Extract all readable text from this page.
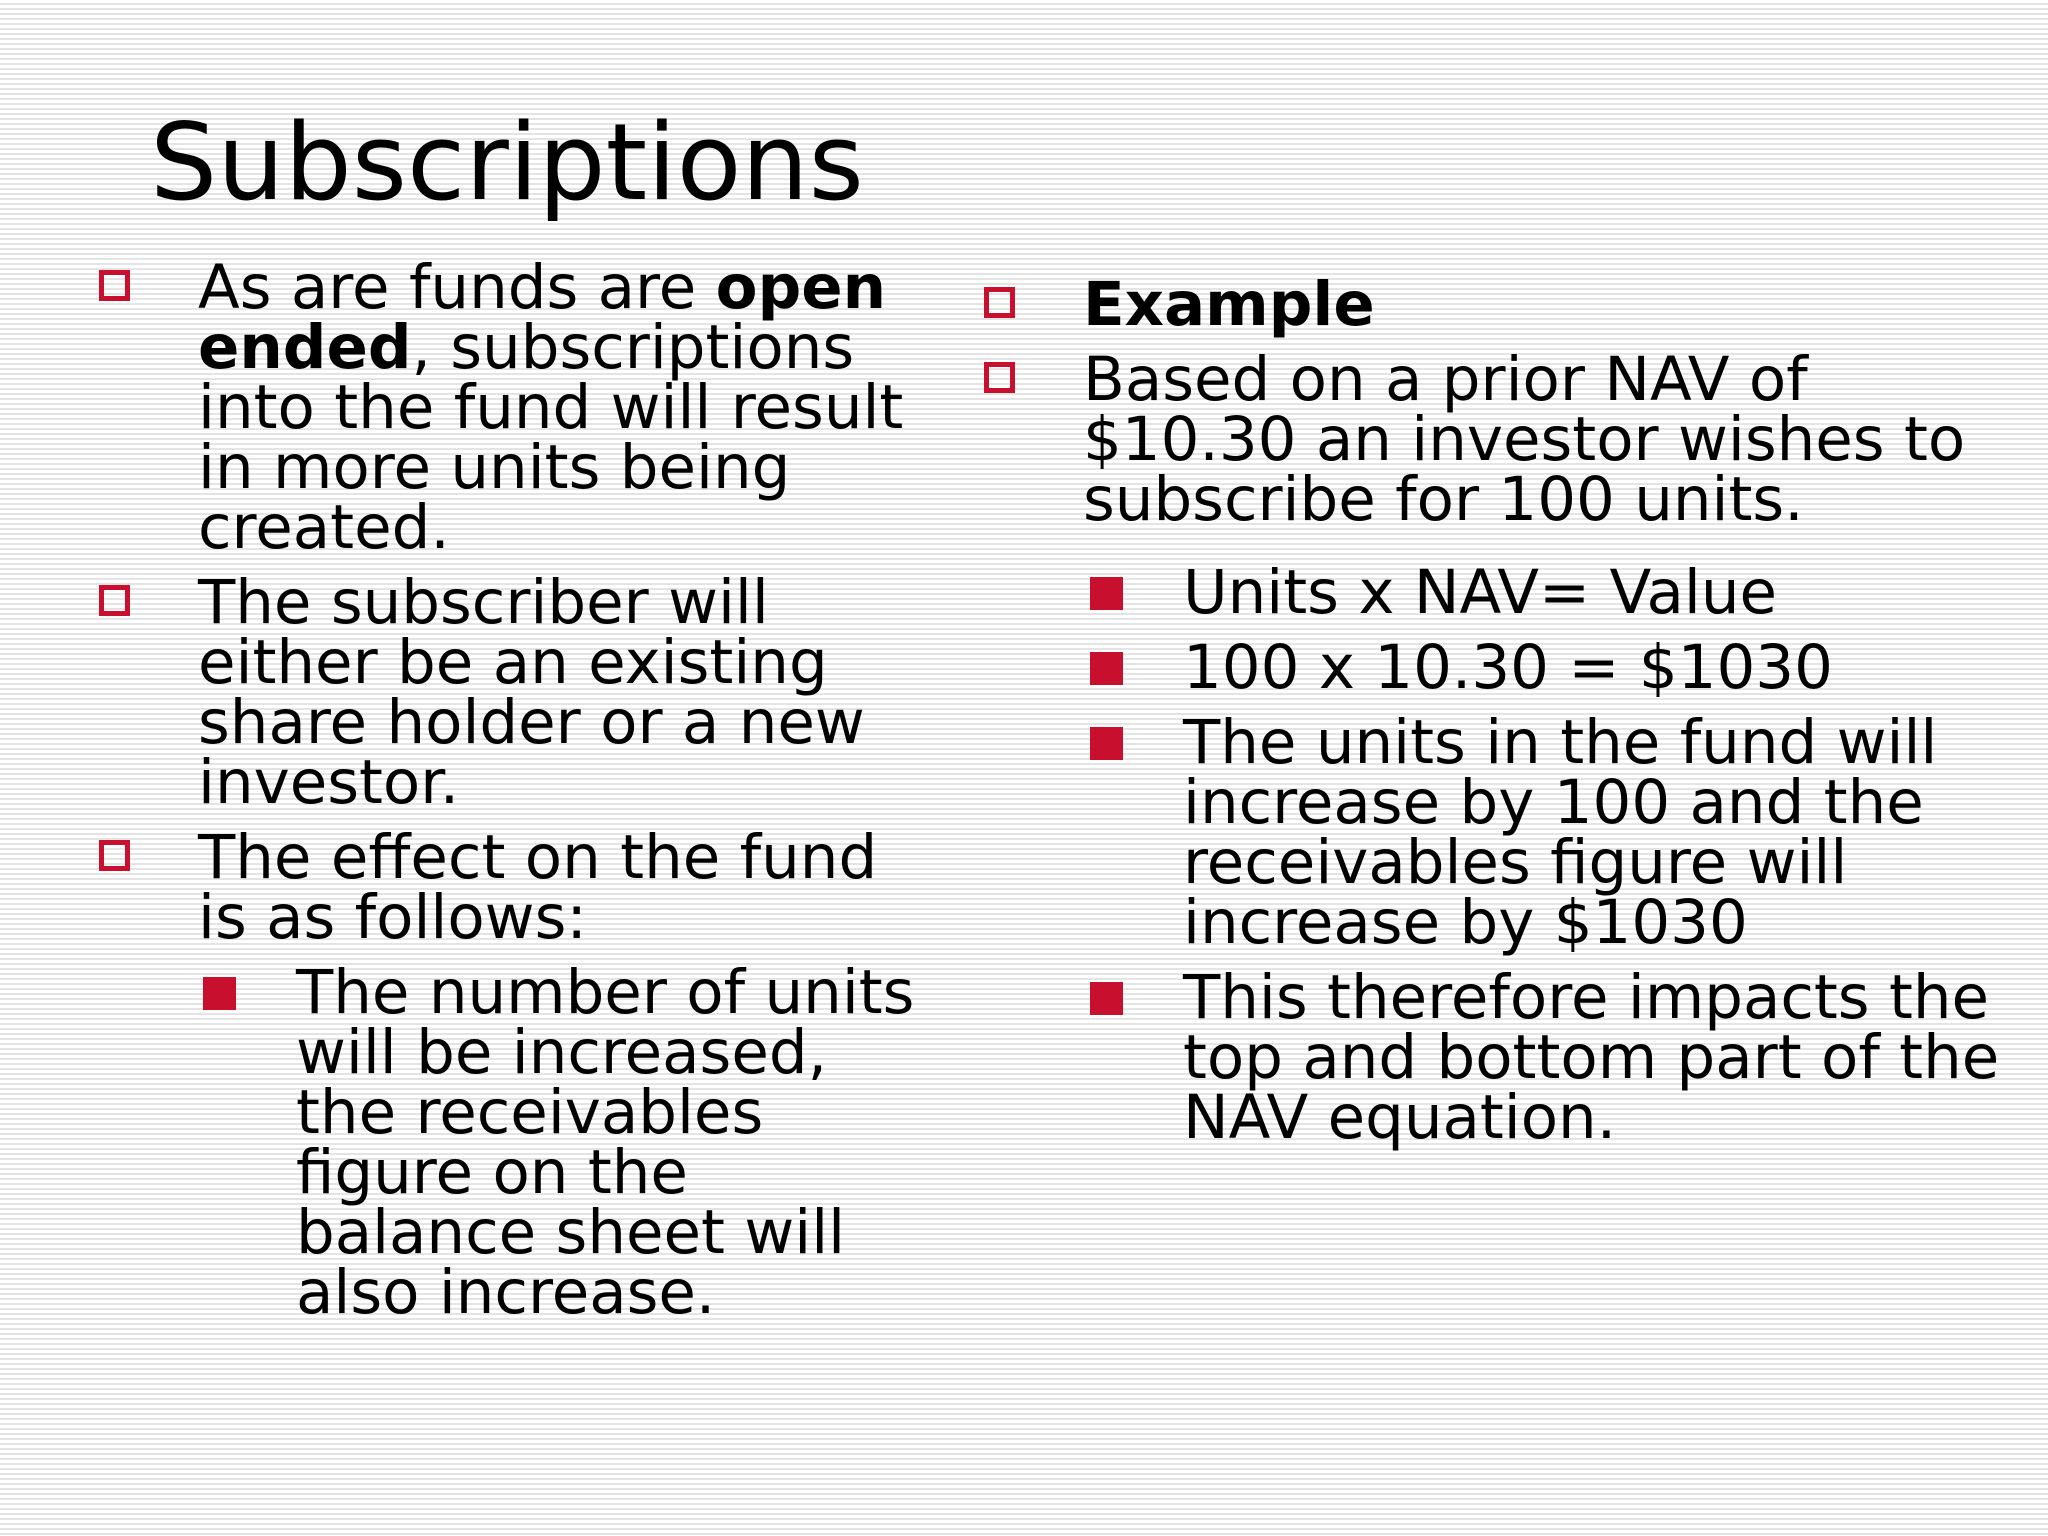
Subscriptions
As are funds are open ended, subscriptions into the fund will result in more units being created.
The subscriber will either be an existing share holder or a new investor.
The effect on the fund is as follows:
The number of units will be increased, the receivables figure on the balance sheet will also increase.
Example
Based on a prior NAV of $10.30 an investor wishes to subscribe for 100 units.
Units x NAV= Value
100 x 10.30 = $1030
The units in the fund will increase by 100 and the receivables figure will increase by $1030
This therefore impacts the top and bottom part of the NAV equation.
